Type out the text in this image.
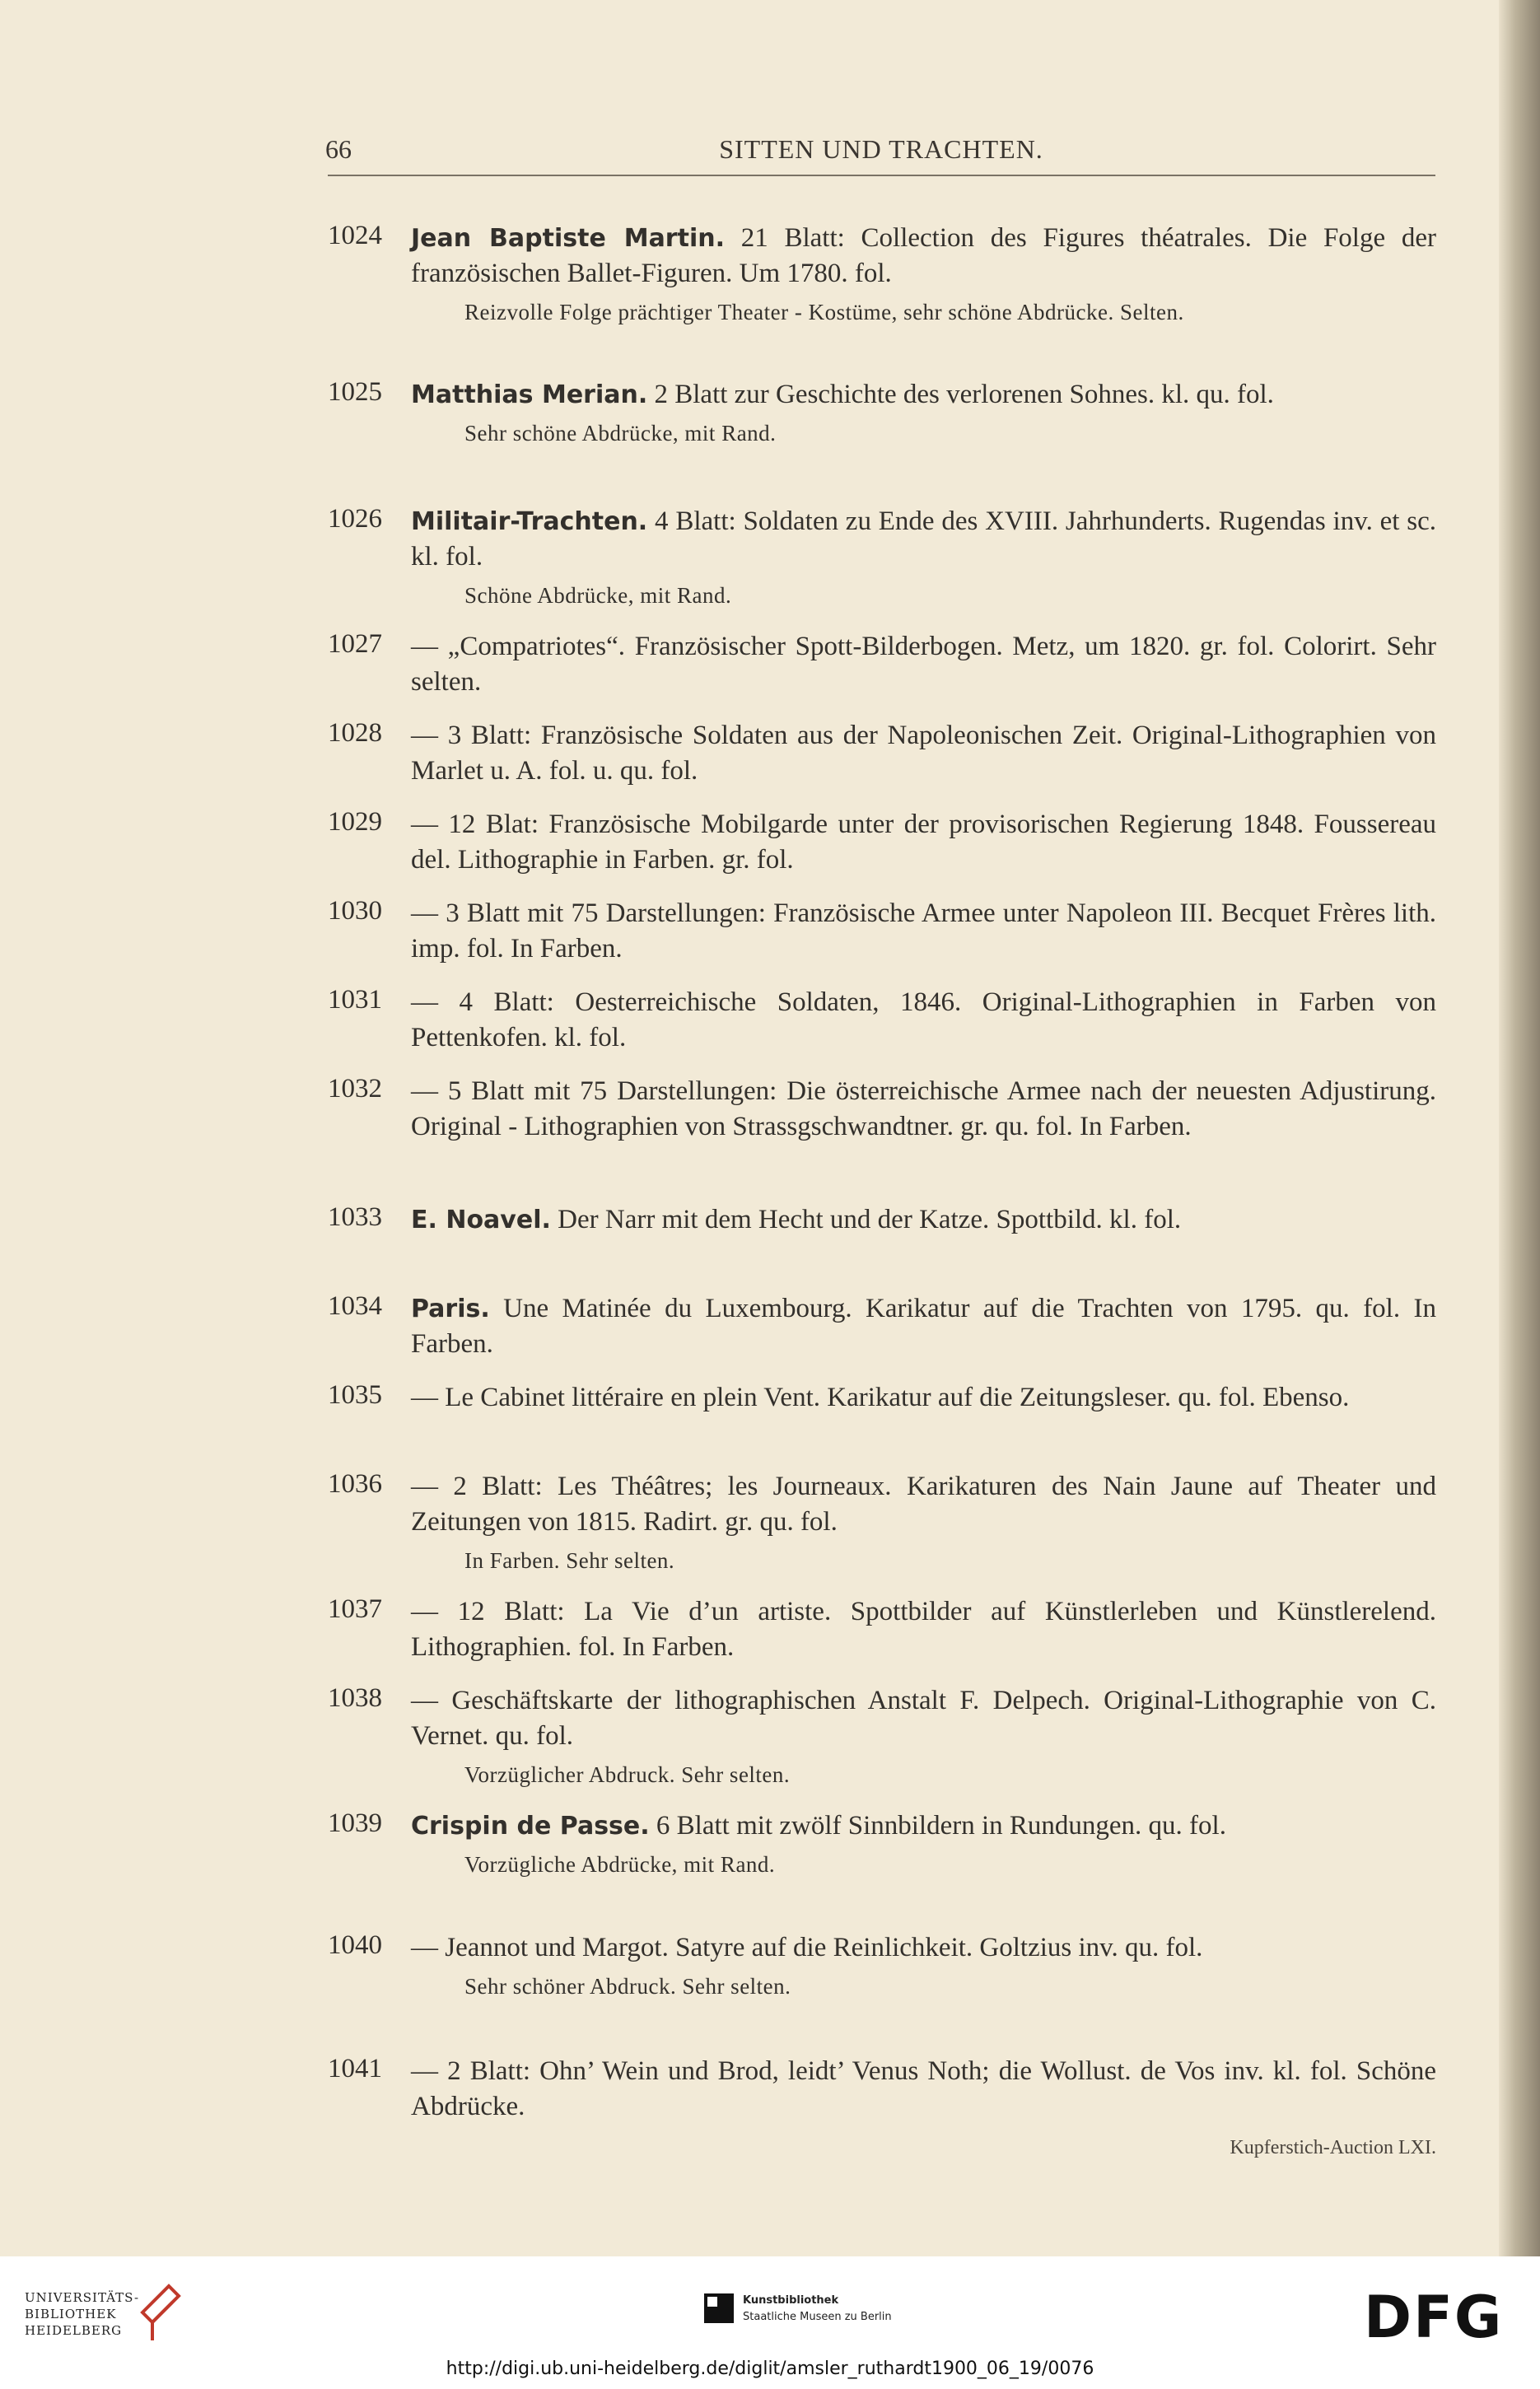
66	SITTEN UND TRACHTEN.
1024 Jean Baptiste Martin. 21 Blatt: Collection des Figures théatrales. Die Folge der französischen Ballet-Figuren. Um 1780. fol.
Reizvolle Folge prächtiger Theater - Kostüme, sehr schöne Abdrücke. Selten.
1025 Matthias Merian. 2 Blatt zur Geschichte des verlorenen Sohnes. kl. qu. fol.
Sehr schöne Abdrücke, mit Rand.
1026 Militair-Trachten. 4 Blatt: Soldaten zu Ende des XVIII. Jahrhunderts. Rugendas inv. et sc. kl. fol.
Schöne Abdrücke, mit Rand.
1027 — „Compatriotes“. Französischer Spott-Bilderbogen. Metz, um 1820. gr. fol. Colorirt. Sehr selten.
1028 — 3 Blatt: Französische Soldaten aus der Napoleonischen Zeit. Original-Lithographien von Marlet u. A. fol. u. qu. fol.
1029 — 12 Blat: Französische Mobilgarde unter der provisorischen Regierung 1848. Foussereau del. Lithographie in Farben. gr. fol.
1030 — 3 Blatt mit 75 Darstellungen: Französische Armee unter Napoleon III. Becquet Frères lith. imp. fol. In Farben.
1031 — 4 Blatt: Oesterreichische Soldaten, 1846. Original-Lithographien in Farben von Pettenkofen. kl. fol.
1032 — 5 Blatt mit 75 Darstellungen: Die österreichische Armee nach der neuesten Adjustirung. Original - Lithographien von Strassgschwandtner. gr. qu. fol. In Farben.
1033 E. Noavel. Der Narr mit dem Hecht und der Katze. Spottbild. kl. fol.
1034 Paris. Une Matinée du Luxembourg. Karikatur auf die Trachten von 1795. qu. fol. In Farben.
1035 — Le Cabinet littéraire en plein Vent. Karikatur auf die Zeitungsleser. qu. fol. Ebenso.
1036 — 2 Blatt: Les Théâtres; les Journeaux. Karikaturen des Nain Jaune auf Theater und Zeitungen von 1815. Radirt. gr. qu. fol.
In Farben. Sehr selten.
1037 — 12 Blatt: La Vie d’un artiste. Spottbilder auf Künstlerleben und Künstlerelend. Lithographien. fol. In Farben.
1038 — Geschäftskarte der lithographischen Anstalt F. Delpech. Original-Lithographie von C. Vernet. qu. fol.
Vorzüglicher Abdruck. Sehr selten.
1039 Crispin de Passe. 6 Blatt mit zwölf Sinnbildern in Rundungen. qu. fol.
Vorzügliche Abdrücke, mit Rand.
1040 — Jeannot und Margot. Satyre auf die Reinlichkeit. Goltzius inv. qu. fol.
Sehr schöner Abdruck. Sehr selten.
1041 — 2 Blatt: Ohn’ Wein und Brod, leidt’ Venus Noth; die Wollust. de Vos inv. kl. fol. Schöne Abdrücke.
Kupferstich-Auction LXI.
UNIVERSITÄTS-
BIBLIOTHEK
HEIDELBERG
Kunstbibliothek
Staatliche Museen zu Berlin	DFG
http://digi.ub.uni-heidelberg.de/diglit/amsler_ruthardt1900_06_19/0076
